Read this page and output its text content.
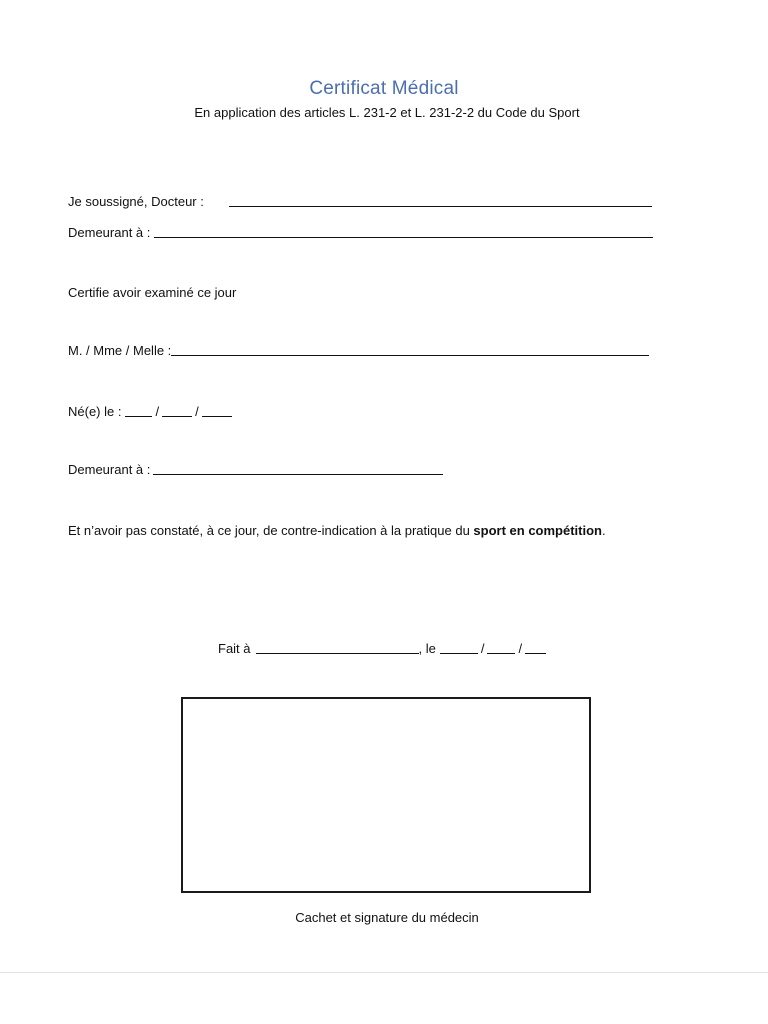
Certificat Médical
En application des articles L. 231-2 et L. 231-2-2 du Code du Sport
Je soussigné, Docteur :
Demeurant à :
Certifie avoir examiné ce jour
M. / Mme / Melle :
Né(e) le :	/	/
Demeurant à :
Et n’avoir pas constaté, à ce jour, de contre-indication à la pratique du sport en compétition.
Fait à	, le	/	/
Cachet et signature du médecin
